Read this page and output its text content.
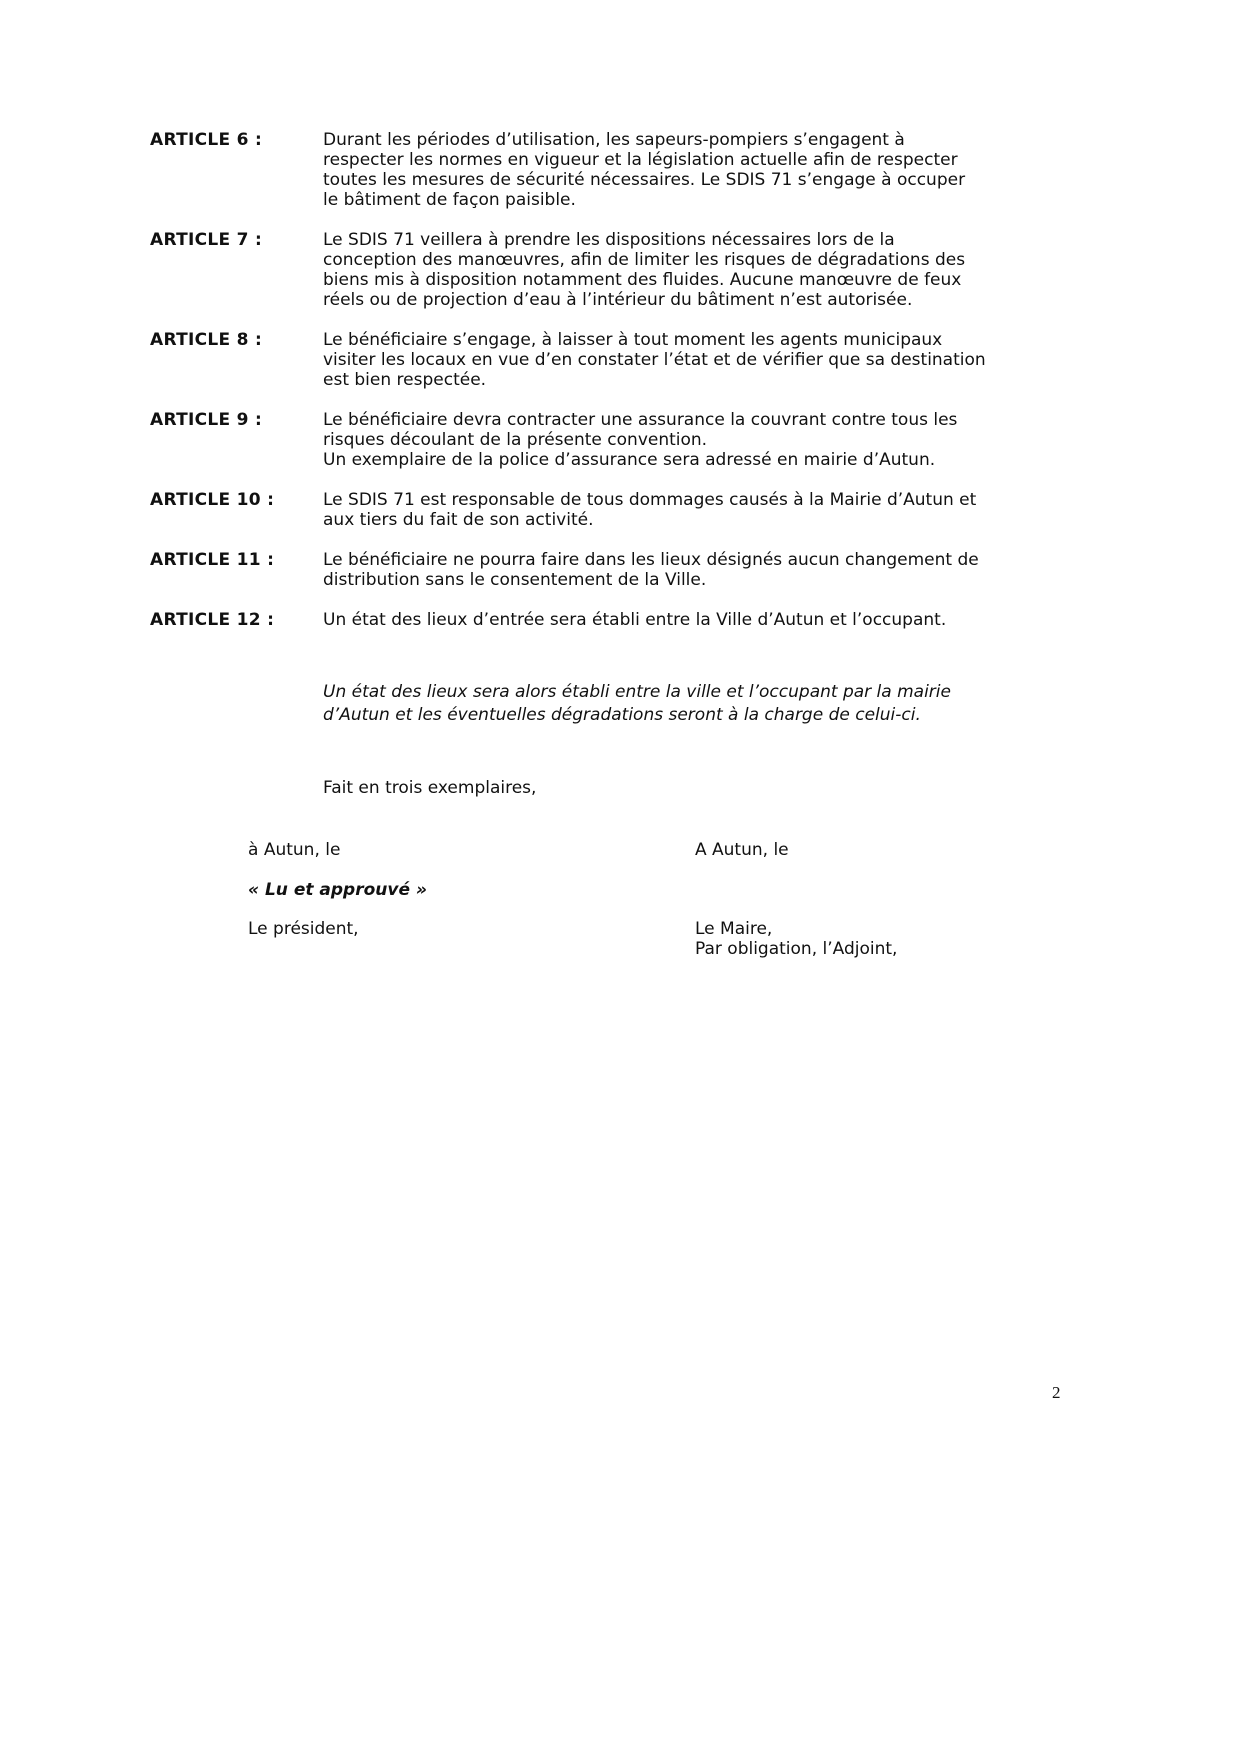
ARTICLE 6 :	Durant les périodes d’utilisation, les sapeurs-pompiers s’engagent à
respecter les normes en vigueur et la législation actuelle afin de respecter
toutes les mesures de sécurité nécessaires. Le SDIS 71 s’engage à occuper
le bâtiment de façon paisible.
ARTICLE 7 :	Le SDIS 71 veillera à prendre les dispositions nécessaires lors de la
conception des manœuvres, afin de limiter les risques de dégradations des
biens mis à disposition notamment des fluides. Aucune manœuvre de feux
réels ou de projection d’eau à l’intérieur du bâtiment n’est autorisée.
ARTICLE 8 :	Le bénéficiaire s’engage, à laisser à tout moment les agents municipaux
visiter les locaux en vue d’en constater l’état et de vérifier que sa destination
est bien respectée.
ARTICLE 9 :	Le bénéficiaire devra contracter une assurance la couvrant contre tous les
risques découlant de la présente convention.
Un exemplaire de la police d’assurance sera adressé en mairie d’Autun.
ARTICLE 10 :	Le SDIS 71 est responsable de tous dommages causés à la Mairie d’Autun et
aux tiers du fait de son activité.
ARTICLE 11 :	Le bénéficiaire ne pourra faire dans les lieux désignés aucun changement de
distribution sans le consentement de la Ville.
ARTICLE 12 :	Un état des lieux d’entrée sera établi entre la Ville d’Autun et l’occupant.
Un état des lieux sera alors établi entre la ville et l’occupant par la mairie
d’Autun et les éventuelles dégradations seront à la charge de celui-ci.
Fait en trois exemplaires,
à Autun, le	A Autun, le
« Lu et approuvé »
Le président,	Le Maire,
Par obligation, l’Adjoint,
2
